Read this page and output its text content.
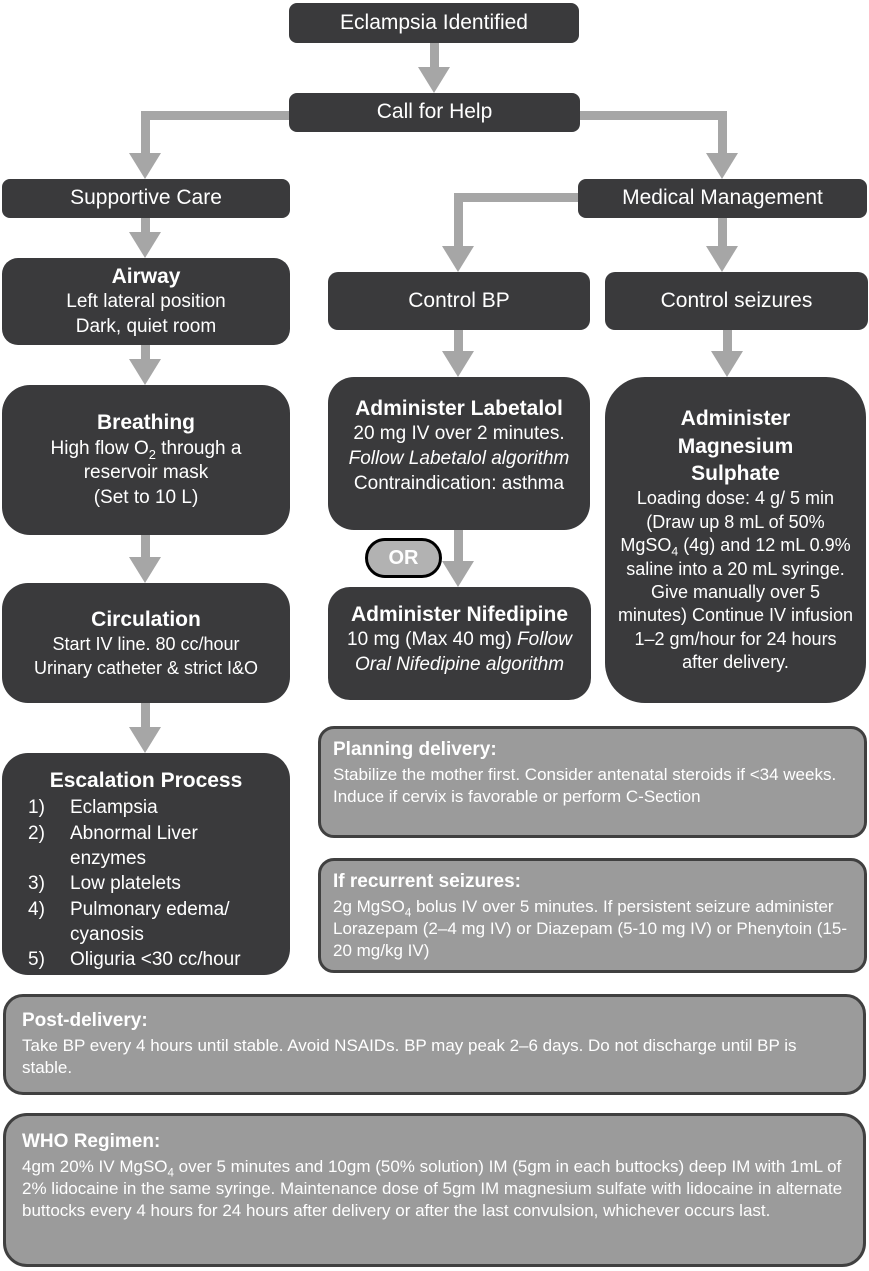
Eclampsia Identified
Call for Help
Supportive Care	Medical Management
Airway
Left lateral position
Dark, quiet room
Control BP	Control seizures
Breathing
High flow $O_2$ through a
reservoir mask
(Set to 10 L)
Administer Labetalol
20 mg IV over 2 minutes.
Follow Labetalol algorithm
Contraindication: asthma
OR
Administer Nifedipine
10 mg (Max 40 mg) Follow Oral Nifedipine algorithm
Administer
Magnesium
Sulphate
Loading dose: 4 g/ 5 min (Draw up 8 mL of 50% MgSO$_4$ (4g) and 12 mL 0.9% saline into a 20 mL syringe. Give manually over 5 minutes) Continue IV infusion 1–2 gm/hour for 24 hours after delivery.
Circulation
Start IV line. 80 cc/hour
Urinary catheter & strict I&O
Escalation Process
1)	Eclampsia
2)	Abnormal Liver
enzymes
3)	Low platelets
4)	Pulmonary edema/
cyanosis
5)	Oliguria <30 cc/hour
Planning delivery:
Stabilize the mother first. Consider antenatal steroids if <34 weeks. Induce if cervix is favorable or perform C-Section
If recurrent seizures:
2g MgSO$_4$ bolus IV over 5 minutes. If persistent seizure administer Lorazepam (2–4 mg IV) or Diazepam (5-10 mg IV) or Phenytoin (15-20 mg/kg IV)
Post-delivery:
Take BP every 4 hours until stable. Avoid NSAIDs. BP may peak 2–6 days. Do not discharge until BP is stable.
WHO Regimen:
4gm 20% IV MgSO$_4$ over 5 minutes and 10gm (50% solution) IM (5gm in each buttocks) deep IM with 1mL of 2% lidocaine in the same syringe. Maintenance dose of 5gm IM magnesium sulfate with lidocaine in alternate buttocks every 4 hours for 24 hours after delivery or after the last convulsion, whichever occurs last.
